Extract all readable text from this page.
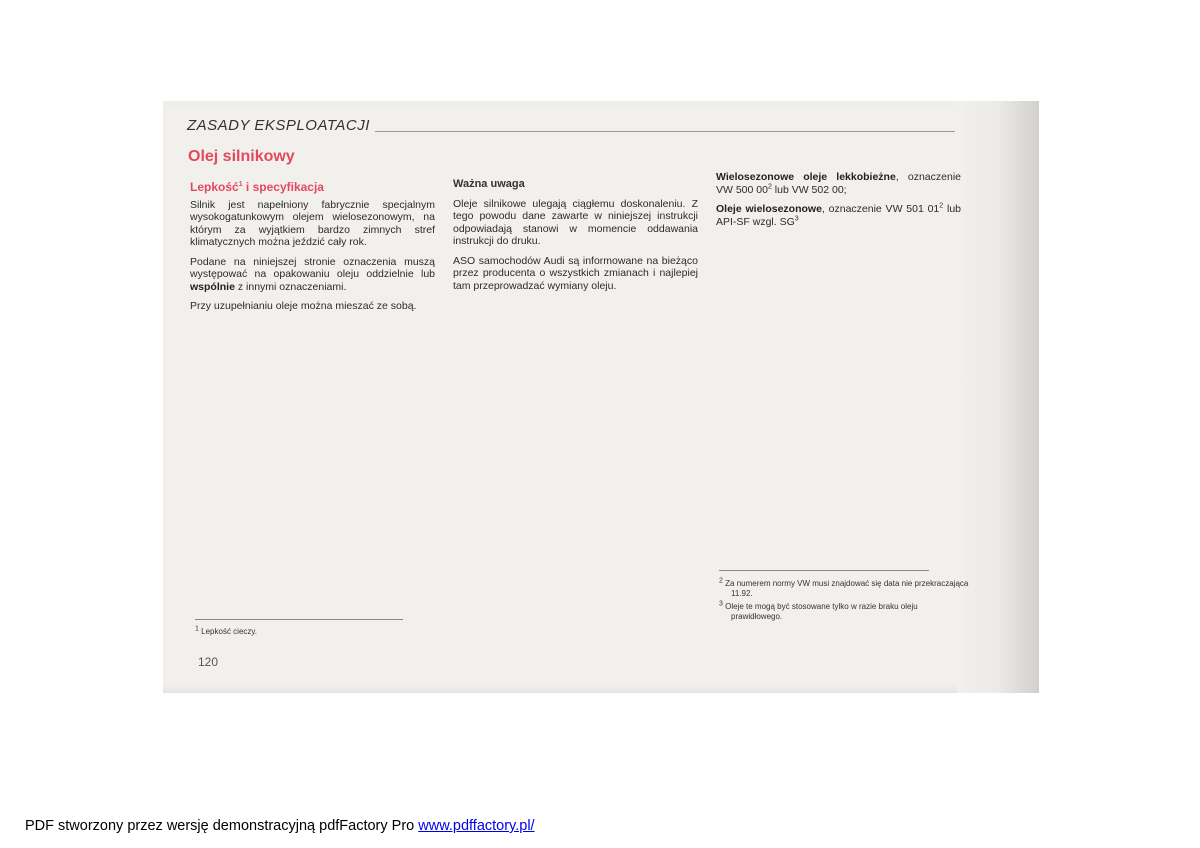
ZASADY EKSPLOATACJI
Olej silnikowy
Lepkość$^1$ i specyfikacja

Silnik jest napełniony fabrycznie specjalnym wysokogatunkowym olejem wielosezonowym, na którym za wyjątkiem bardzo zimnych stref klimatycznych można jeździć cały rok.

Podane na niniejszej stronie oznaczenia muszą występować na opakowaniu oleju oddzielnie lub wspólnie z innymi oznaczeniami.

Przy uzupełnianiu oleje można mieszać ze sobą.

Ważna uwaga

Oleje silnikowe ulegają ciągłemu doskonaleniu. Z tego powodu dane zawarte w niniejszej instrukcji odpowiadają stanowi w momencie oddawania instrukcji do druku.

ASO samochodów Audi są informowane na bieżąco przez producenta o wszystkich zmianach i najlepiej tam przeprowadzać wymiany oleju.

Wielosezonowe oleje lekkobieżne, oznaczenie VW 500 $00^2$ lub VW 502 00;

Oleje wielosezonowe, oznaczenie VW 501 $01^2$ lub API-SF wzgl. $SG^3$

$^1$ Lepkość cieczy.

$^2$ Za numerem normy VW musi znajdować się data nie przekraczająca 11.92.

$^3$ Oleje te mogą być stosowane tylko w razie braku oleju prawidłowego.

120
PDF stworzony przez wersję demonstracyjną pdfFactory Pro www.pdffactory.pl/
